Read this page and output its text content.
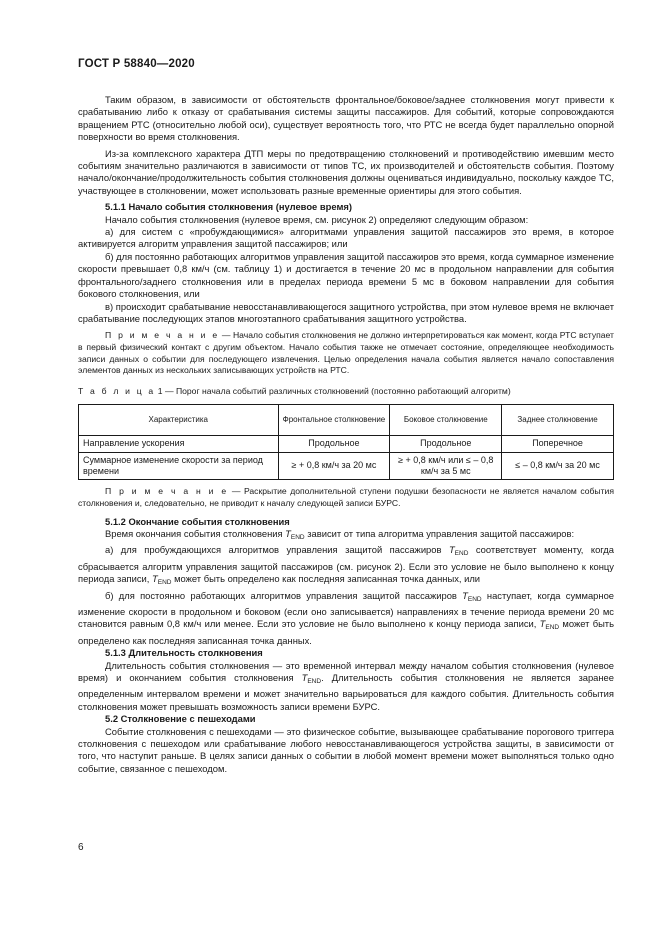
ГОСТ Р 58840—2020

Таким образом, в зависимости от обстоятельств фронтальное/боковое/заднее столкновения могут привести к срабатыванию либо к отказу от срабатывания системы защиты пассажиров. Для событий, которые сопровождаются вращением РТС (относительно любой оси), существует вероятность того, что РТС не всегда будет параллельно опорной поверхности во время столкновения.

Из-за комплексного характера ДТП меры по предотвращению столкновений и противодействию имевшим место событиям значительно различаются в зависимости от типов ТС, их производителей и обстоятельств события. Поэтому начало/окончание/продолжительность события столкновения должны оцениваться индивидуально, поскольку каждое ТС, участвующее в столкновении, может использовать разные временные ориентиры для этого события.

5.1.1 Начало события столкновения (нулевое время)

Начало события столкновения (нулевое время, см. рисунок 2) определяют следующим образом:

а) для систем с «пробуждающимися» алгоритмами управления защитой пассажиров это время, в которое активируется алгоритм управления защитой пассажиров; или

б) для постоянно работающих алгоритмов управления защитой пассажиров это время, когда суммарное изменение скорости превышает 0,8 км/ч (см. таблицу 1) и достигается в течение 20 мс в продольном направлении для события фронтального/заднего столкновения или в пределах периода времени 5 мс в боковом направлении для события бокового столкновения, или

в) происходит срабатывание невосстанавливающегося защитного устройства, при этом нулевое время не включает срабатывание последующих этапов многоэтапного срабатывания защитного устройства.

П р и м е ч а н и е — Начало события столкновения не должно интерпретироваться как момент, когда РТС вступает в первый физический контакт с другим объектом. Начало события также не отмечает состояние, определяющее необходимость записи данных о событии для последующего извлечения. Целью определения начала события является начало сопоставления элементов данных из нескольких записывающих устройств на РТС.

Т а б л и ц а 1 — Порог начала событий различных столкновений (постоянно работающий алгоритм)

Характеристика	Фронтальное столкновение	Боковое столкновение	Заднее столкновение
Направление ускорения	Продольное	Продольное	Поперечное
Суммарное изменение скорости за период времени	≥ + 0,8 км/ч за 20 мс	≥ + 0,8 км/ч или ≤ – 0,8 км/ч за 5 мс	≤ – 0,8 км/ч за 20 мс

П р и м е ч а н и е — Раскрытие дополнительной ступени подушки безопасности не является началом события столкновения и, следовательно, не приводит к началу следующей записи БУРС.

5.1.2 Окончание события столкновения

Время окончания события столкновения $T_{END}$ зависит от типа алгоритма управления защитой пассажиров:

а) для пробуждающихся алгоритмов управления защитой пассажиров $T_{END}$ соответствует моменту, когда сбрасывается алгоритм управления защитой пассажиров (см. рисунок 2). Если это условие не было выполнено к концу периода записи, $T_{END}$ может быть определено как последняя записанная точка данных, или

б) для постоянно работающих алгоритмов управления защитой пассажиров $T_{END}$ наступает, когда суммарное изменение скорости в продольном и боковом (если оно записывается) направлениях в течение периода времени 20 мс становится равным 0,8 км/ч или менее. Если это условие не было выполнено к концу периода записи, $T_{END}$ может быть определено как последняя записанная точка данных.

5.1.3 Длительность столкновения

Длительность события столкновения — это временной интервал между началом события столкновения (нулевое время) и окончанием события столкновения $T_{END}$. Длительность события столкновения не является заранее определенным интервалом времени и может значительно варьироваться для каждого события. Длительность события столкновения может превышать возможность записи времени БУРС.

5.2 Столкновение с пешеходами

Событие столкновения с пешеходами — это физическое событие, вызывающее срабатывание порогового триггера столкновения с пешеходом или срабатывание любого невосстанавливающегося устройства защиты, в зависимости от того, что наступит раньше. В целях записи данных о событии в любой момент времени может выполняться только одно событие, связанное с пешеходом.

6
